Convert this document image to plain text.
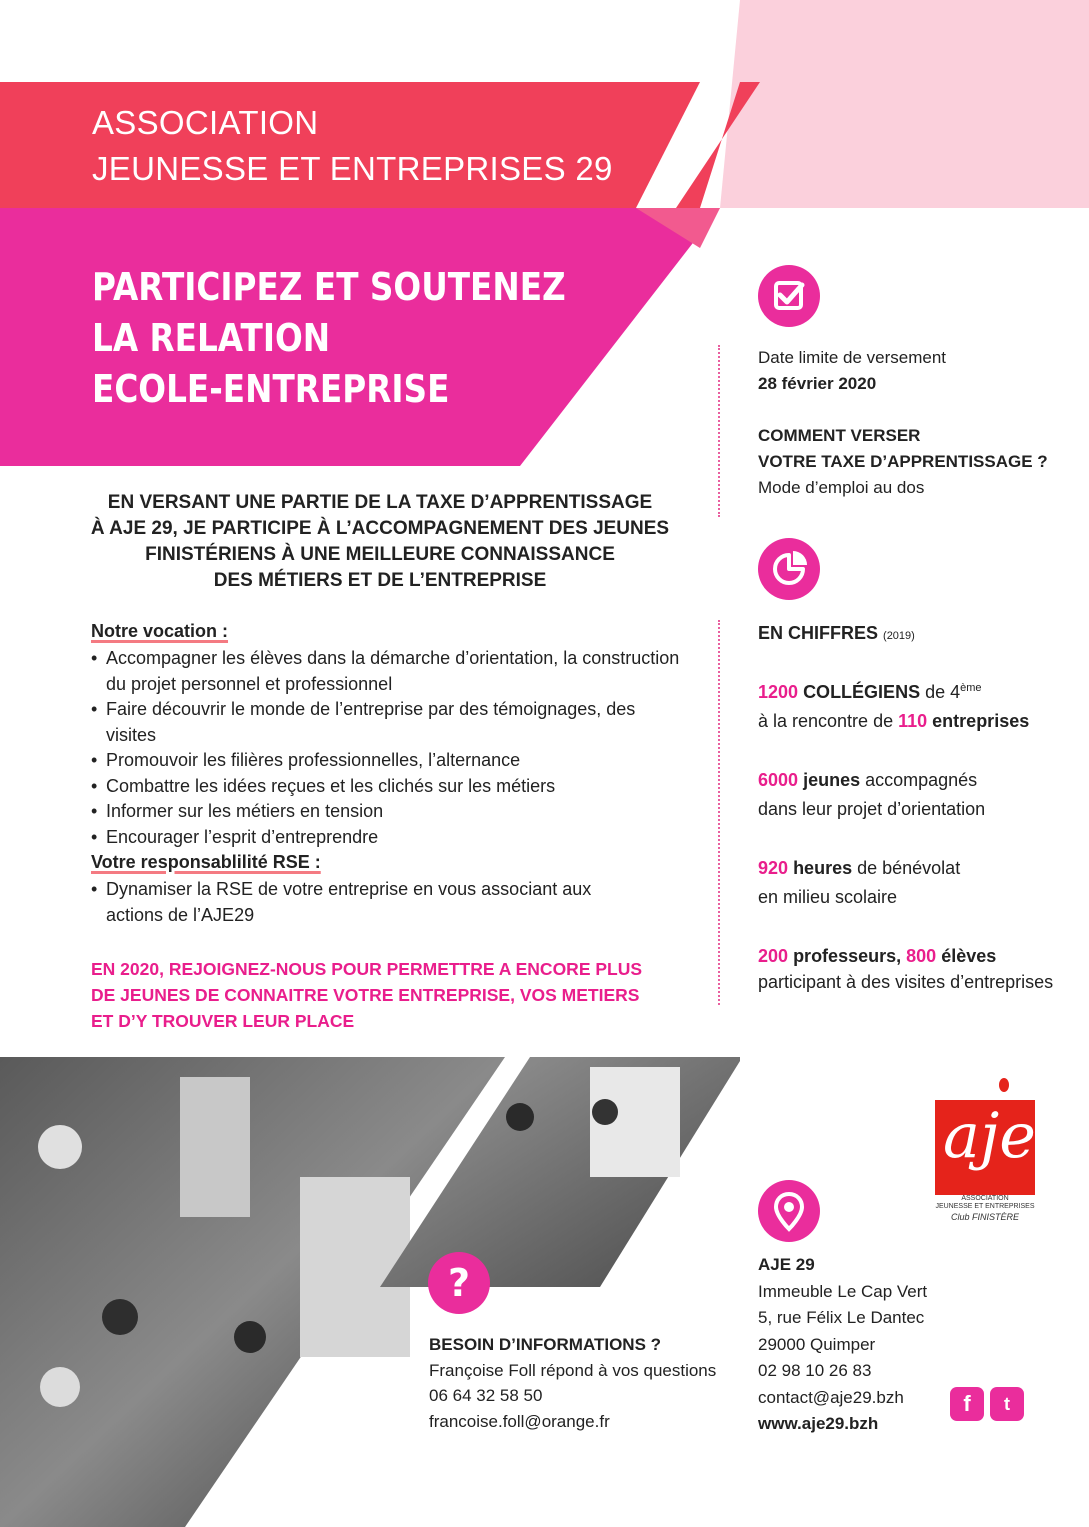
ASSOCIATION
JEUNESSE ET ENTREPRISES 29
PARTICIPEZ ET SOUTENEZ
LA RELATION
ECOLE-ENTREPRISE
EN VERSANT UNE PARTIE DE LA TAXE D’APPRENTISSAGE
À AJE 29, JE PARTICIPE À L’ACCOMPAGNEMENT DES JEUNES
FINISTÉRIENS À UNE MEILLEURE CONNAISSANCE
DES MÉTIERS ET DE L’ENTREPRISE
Notre vocation :
• Accompagner les élèves dans la démarche d’orientation, la construction du projet personnel et professionnel
• Faire découvrir le monde de l’entreprise par des témoignages, des visites
• Promouvoir les filières professionnelles, l’alternance
• Combattre les idées reçues et les clichés sur les métiers
• Informer sur les métiers en tension
• Encourager l’esprit d’entreprendre
Votre responsablilité RSE :
• Dynamiser la RSE de votre entreprise en vous associant aux actions de l’AJE29
EN 2020, REJOIGNEZ-NOUS POUR PERMETTRE A ENCORE PLUS
DE JEUNES DE CONNAITRE VOTRE ENTREPRISE, VOS METIERS
ET D’Y TROUVER LEUR PLACE
Date limite de versement
28 février 2020
COMMENT VERSER
VOTRE TAXE D’APPRENTISSAGE ?
Mode d’emploi au dos
EN CHIFFRES (2019)
1200 COLLÉGIENS de 4ème
à la rencontre de 110 entreprises
6000 jeunes accompagnés
dans leur projet d’orientation
920 heures de bénévolat
en milieu scolaire
200 professeurs, 800 élèves
participant à des visites d’entreprises
?
BESOIN D’INFORMATIONS ?
Françoise Foll répond à vos questions
06 64 32 58 50
francoise.foll@orange.fr
AJE 29
Immeuble Le Cap Vert
5, rue Félix Le Dantec
29000 Quimper
02 98 10 26 83
contact@aje29.bzh
www.aje29.bzh
aje
ASSOCIATION
JEUNESSE ET ENTREPRISES
Club FINISTÈRE
f	t
